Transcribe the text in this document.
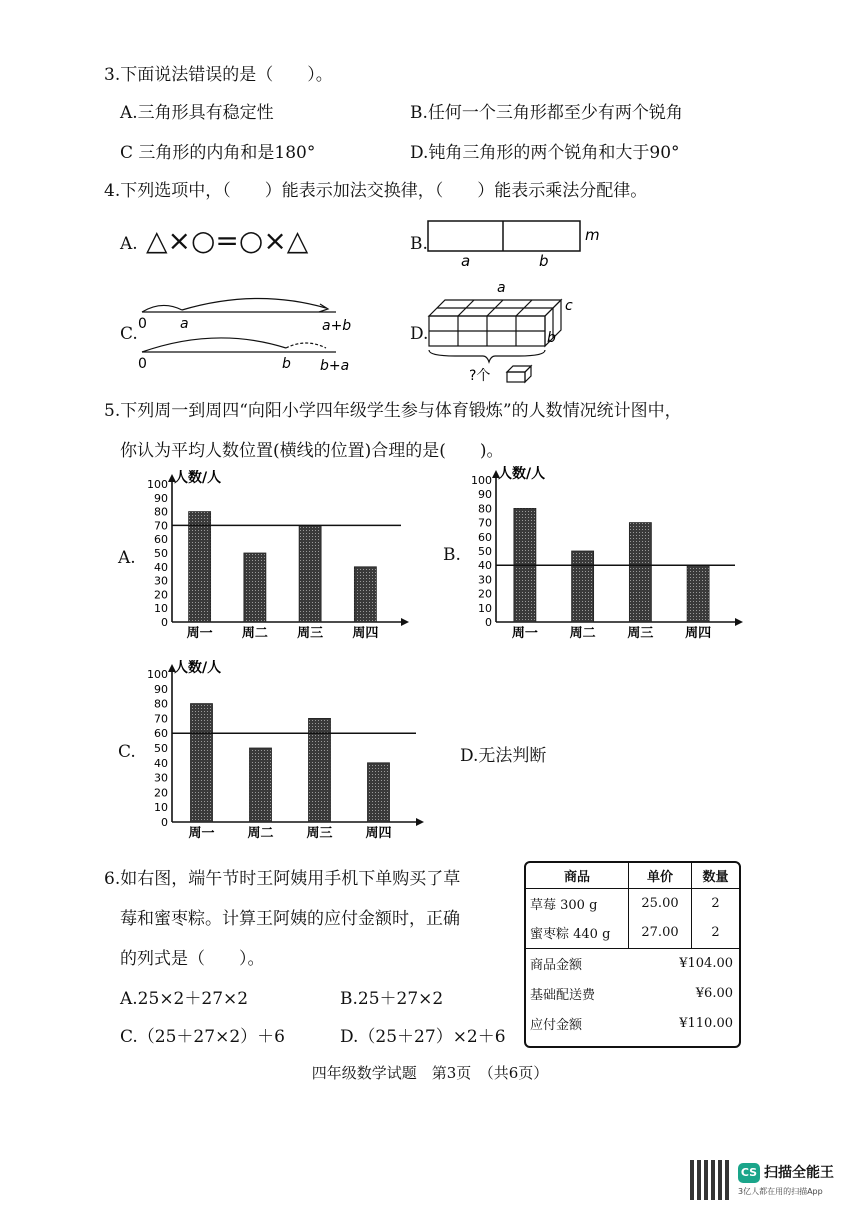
3.下面说法错误的是（　　）。
A.三角形具有稳定性	B.任何一个三角形都至少有两个锐角
C 三角形的内角和是180°	D.钝角三角形的两个锐角和大于90°
4.下列选项中，（　　）能表示加法交换律，（　　）能表示乘法分配律。
A. △×○=○×△	B.	m
a	b
C. 0 a	a+b
0	b b+a
D.
a
c
b
?个
5.下列周一到周四“向阳小学四年级学生参与体育锻炼”的人数情况统计图中，
你认为平均人数位置(横线的位置)合理的是(　　)。
A.	B.
C.	D.无法判断
人数/人
0
10
20
30
40
50
60
70
80
90
100
周一 周二 周三 周四
人数/人
0
10
20
30
40
50
60
70
80
90
100
周一 周二 周三 周四
人数/人
0
10
20
30
40
50
60
70
80
90
100
周一	周二	周三	周四
6.如右图，端午节时王阿姨用手机下单购买了草
莓和蜜枣粽。计算王阿姨的应付金额时，正确
的列式是（　　）。
A.25×2＋27×2	B.25＋27×2
C.（25＋27×2）＋6	D.（25＋27）×2＋6
商品	单价	数量
草莓 300 g	25.00	2
蜜枣粽 440 g	27.00	2
商品金额	¥104.00	
基础配送费	¥6.00	
应付金额	¥110.00	
四年级数学试题　第3页　（共6页）
CS 扫描全能王
3亿人都在用的扫描App
